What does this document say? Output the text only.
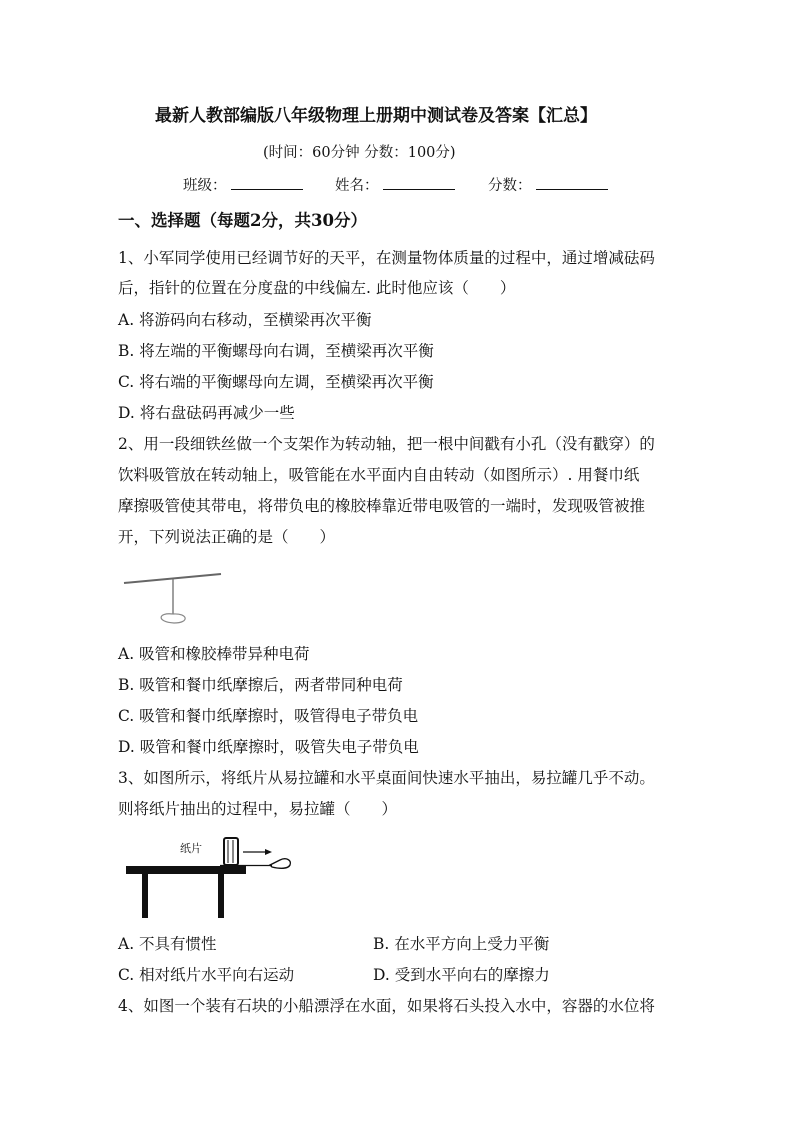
最新人教部编版八年级物理上册期中测试卷及答案【汇总】
(时间：60分钟 分数：100分)
班级：	姓名：	分数：
一、选择题（每题2分，共30分）
1、小军同学使用已经调节好的天平，在测量物体质量的过程中，通过增减砝码
后，指针的位置在分度盘的中线偏左. 此时他应该（　　）
A. 将游码向右移动，至横梁再次平衡
B. 将左端的平衡螺母向右调，至横梁再次平衡
C. 将右端的平衡螺母向左调，至横梁再次平衡
D. 将右盘砝码再减少一些
2、用一段细铁丝做一个支架作为转动轴，把一根中间戳有小孔（没有戳穿）的
饮料吸管放在转动轴上，吸管能在水平面内自由转动（如图所示）. 用餐巾纸
摩擦吸管使其带电，将带负电的橡胶棒靠近带电吸管的一端时，发现吸管被推
开，下列说法正确的是（　　）
A. 吸管和橡胶棒带异种电荷
B. 吸管和餐巾纸摩擦后，两者带同种电荷
C. 吸管和餐巾纸摩擦时，吸管得电子带负电
D. 吸管和餐巾纸摩擦时，吸管失电子带负电
3、如图所示，将纸片从易拉罐和水平桌面间快速水平抽出，易拉罐几乎不动。
则将纸片抽出的过程中，易拉罐（　　）
纸片
A. 不具有惯性	B. 在水平方向上受力平衡
C. 相对纸片水平向右运动	D. 受到水平向右的摩擦力
4、如图一个装有石块的小船漂浮在水面，如果将石头投入水中，容器的水位将
